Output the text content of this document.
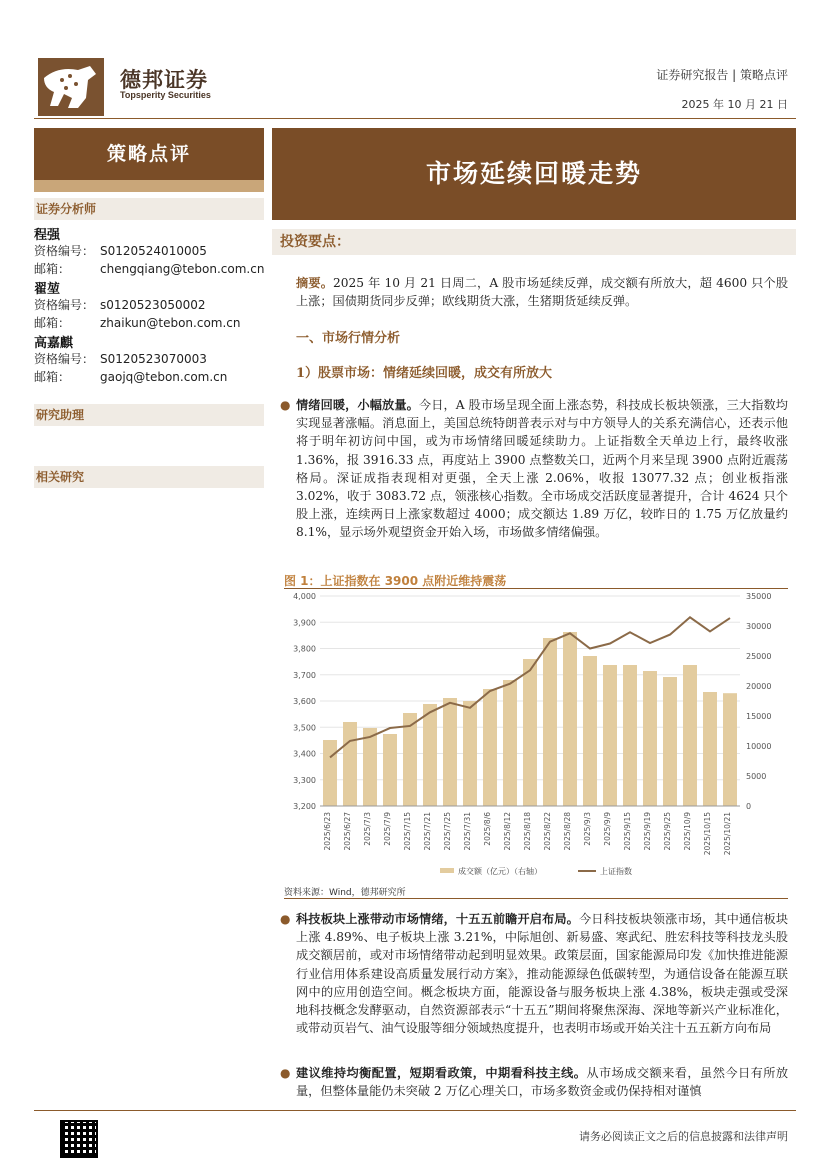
德邦证券
Topsperity Securities
证券研究报告 | 策略点评
2025 年 10 月 21 日
策略点评
证券分析师
程强
资格编号： S0120524010005
邮箱： chengqiang@tebon.com.cn
翟堃
资格编号： s0120523050002
邮箱： zhaikun@tebon.com.cn
高嘉麒
资格编号： S0120523070003
邮箱： gaojq@tebon.com.cn
研究助理
相关研究
市场延续回暖走势
投资要点：
摘要。2025 年 10 月 21 日周二，A 股市场延续反弹，成交额有所放大，超 4600 只个股上涨；国债期货同步反弹；欧线期货大涨，生猪期货延续反弹。
一、市场行情分析
1）股票市场：情绪延续回暖，成交有所放大
● 情绪回暖，小幅放量。今日，A 股市场呈现全面上涨态势，科技成长板块领涨，三大指数均实现显著涨幅。消息面上，美国总统特朗普表示对与中方领导人的关系充满信心，还表示他将于明年初访问中国，或为市场情绪回暖延续助力。上证指数全天单边上行，最终收涨 1.36%，报 3916.33 点，再度站上 3900 点整数关口，近两个月来呈现 3900 点附近震荡格局。深证成指表现相对更强，全天上涨 2.06%，收报 13077.32 点；创业板指涨 3.02%，收于 3083.72 点，领涨核心指数。全市场成交活跃度显著提升，合计 4624 只个股上涨，连续两日上涨家数超过 4000；成交额达 1.89 万亿，较昨日的 1.75 万亿放量约 8.1%，显示场外观望资金开始入场，市场做多情绪偏强。
图 1：上证指数在 3900 点附近维持震荡
3,200
3,300
3,400
3,500
3,600
3,700
3,800
3,900
4,000
0
5000
10000
15000
20000
25000
30000
35000
2025/6/23 2025/6/27 2025/7/3 2025/7/9 2025/7/15 2025/7/21 2025/7/25 2025/7/31 2025/8/6 2025/8/12 2025/8/18 2025/8/22 2025/8/28 2025/9/3 2025/9/9 2025/9/15 2025/9/19 2025/9/25 2025/10/9 2025/10/15 2025/10/21
成交额（亿元）（右轴）	上证指数
资料来源：Wind，德邦研究所
● 科技板块上涨带动市场情绪，十五五前瞻开启布局。今日科技板块领涨市场，其中通信板块上涨 4.89%、电子板块上涨 3.21%，中际旭创、新易盛、寒武纪、胜宏科技等科技龙头股成交额居前，或对市场情绪带动起到明显效果。政策层面，国家能源局印发《加快推进能源行业信用体系建设高质量发展行动方案》，推动能源绿色低碳转型，为通信设备在能源互联网中的应用创造空间。概念板块方面，能源设备与服务板块上涨 4.38%，板块走强或受深地科技概念发酵驱动，自然资源部表示“十五五”期间将聚焦深海、深地等新兴产业标准化，或带动页岩气、油气设服等细分领域热度提升，也表明市场或开始关注十五五新方向布局
● 建议维持均衡配置，短期看政策，中期看科技主线。从市场成交额来看，虽然今日有所放量，但整体量能仍未突破 2 万亿心理关口，市场多数资金或仍保持相对谨慎
请务必阅读正文之后的信息披露和法律声明
